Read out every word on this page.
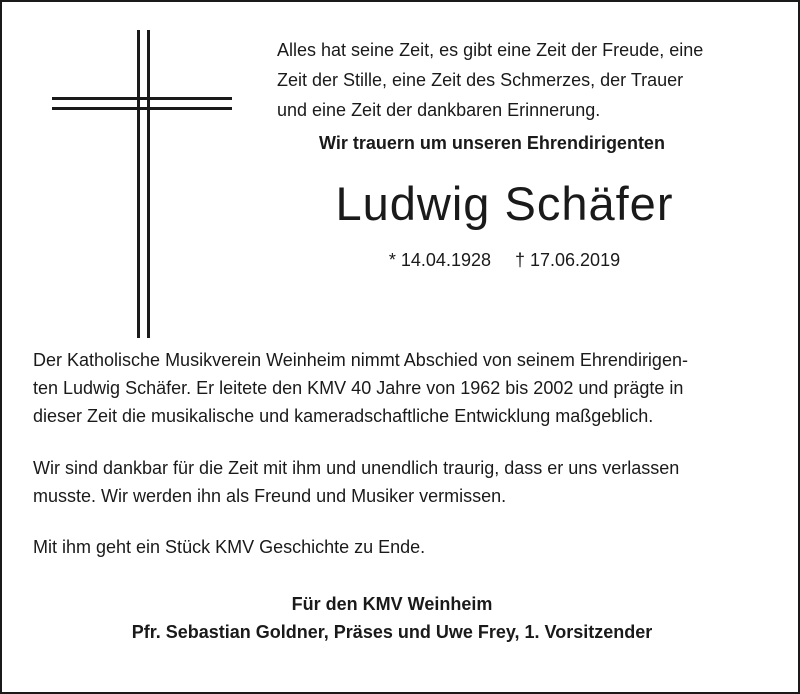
Alles hat seine Zeit, es gibt eine Zeit der Freude, eine
Zeit der Stille, eine Zeit des Schmerzes, der Trauer
und eine Zeit der dankbaren Erinnerung.
Wir trauern um unseren Ehrendirigenten
Ludwig Schäfer
* 14.04.1928 † 17.06.2019
Der Katholische Musikverein Weinheim nimmt Abschied von seinem Ehrendirigen-
ten Ludwig Schäfer. Er leitete den KMV 40 Jahre von 1962 bis 2002 und prägte in
dieser Zeit die musikalische und kameradschaftliche Entwicklung maßgeblich.
Wir sind dankbar für die Zeit mit ihm und unendlich traurig, dass er uns verlassen
musste. Wir werden ihn als Freund und Musiker vermissen.
Mit ihm geht ein Stück KMV Geschichte zu Ende.
Für den KMV Weinheim
Pfr. Sebastian Goldner, Präses und Uwe Frey, 1. Vorsitzender
